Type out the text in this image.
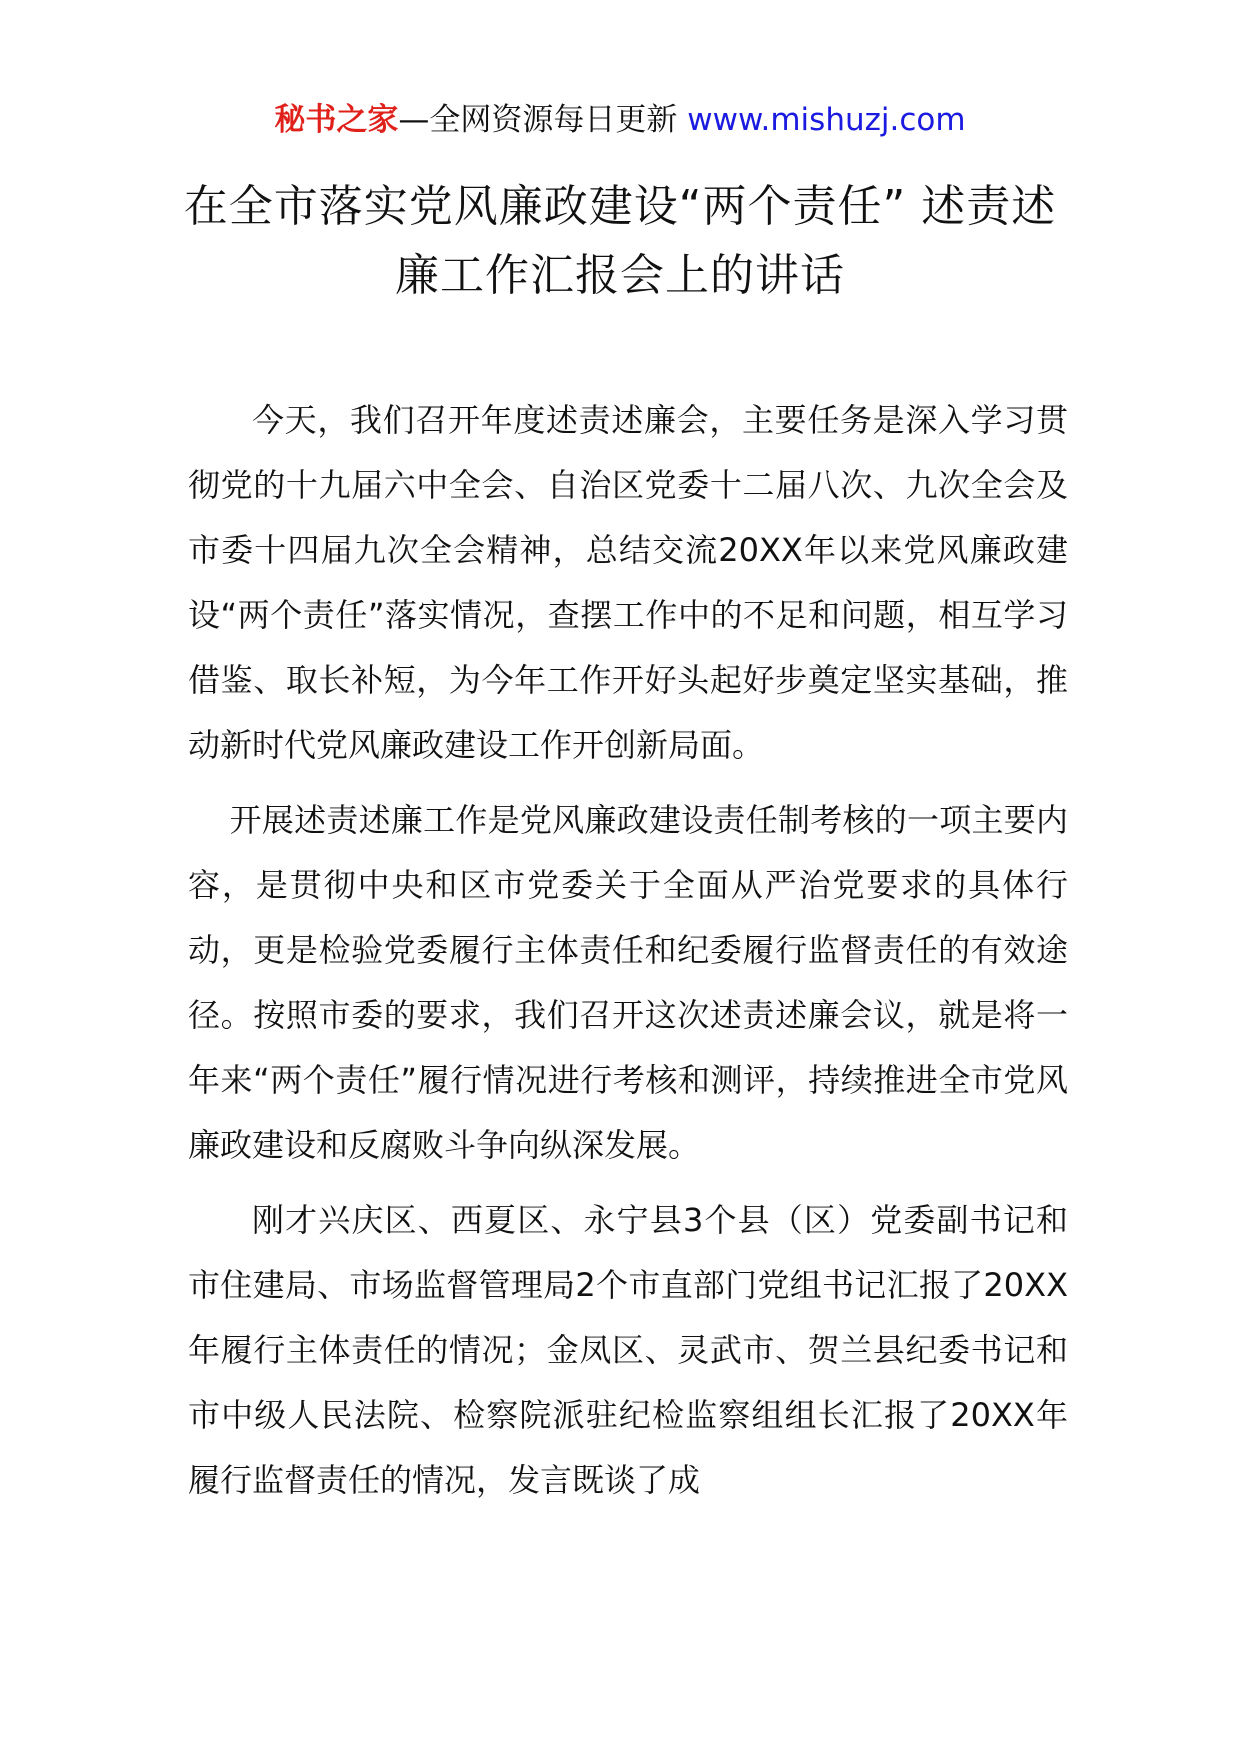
秘书之家—全网资源每日更新 www.mishuzj.com
在全市落实党风廉政建设“两个责任” 述责述廉工作汇报会上的讲话

今天，我们召开年度述责述廉会，主要任务是深入学习贯彻党的十九届六中全会、自治区党委十二届八次、九次全会及市委十四届九次全会精神，总结交流20XX年以来党风廉政建设“两个责任”落实情况，查摆工作中的不足和问题，相互学习借鉴、取长补短，为今年工作开好头起好步奠定坚实基础，推动新时代党风廉政建设工作开创新局面。

开展述责述廉工作是党风廉政建设责任制考核的一项主要内容，是贯彻中央和区市党委关于全面从严治党要求的具体行动，更是检验党委履行主体责任和纪委履行监督责任的有效途径。按照市委的要求，我们召开这次述责述廉会议，就是将一年来“两个责任”履行情况进行考核和测评，持续推进全市党风廉政建设和反腐败斗争向纵深发展。

刚才兴庆区、西夏区、永宁县3个县（区）党委副书记和市住建局、市场监督管理局2个市直部门党组书记汇报了20XX年履行主体责任的情况；金凤区、灵武市、贺兰县纪委书记和市中级人民法院、检察院派驻纪检监察组组长汇报了20XX年履行监督责任的情况，发言既谈了成
